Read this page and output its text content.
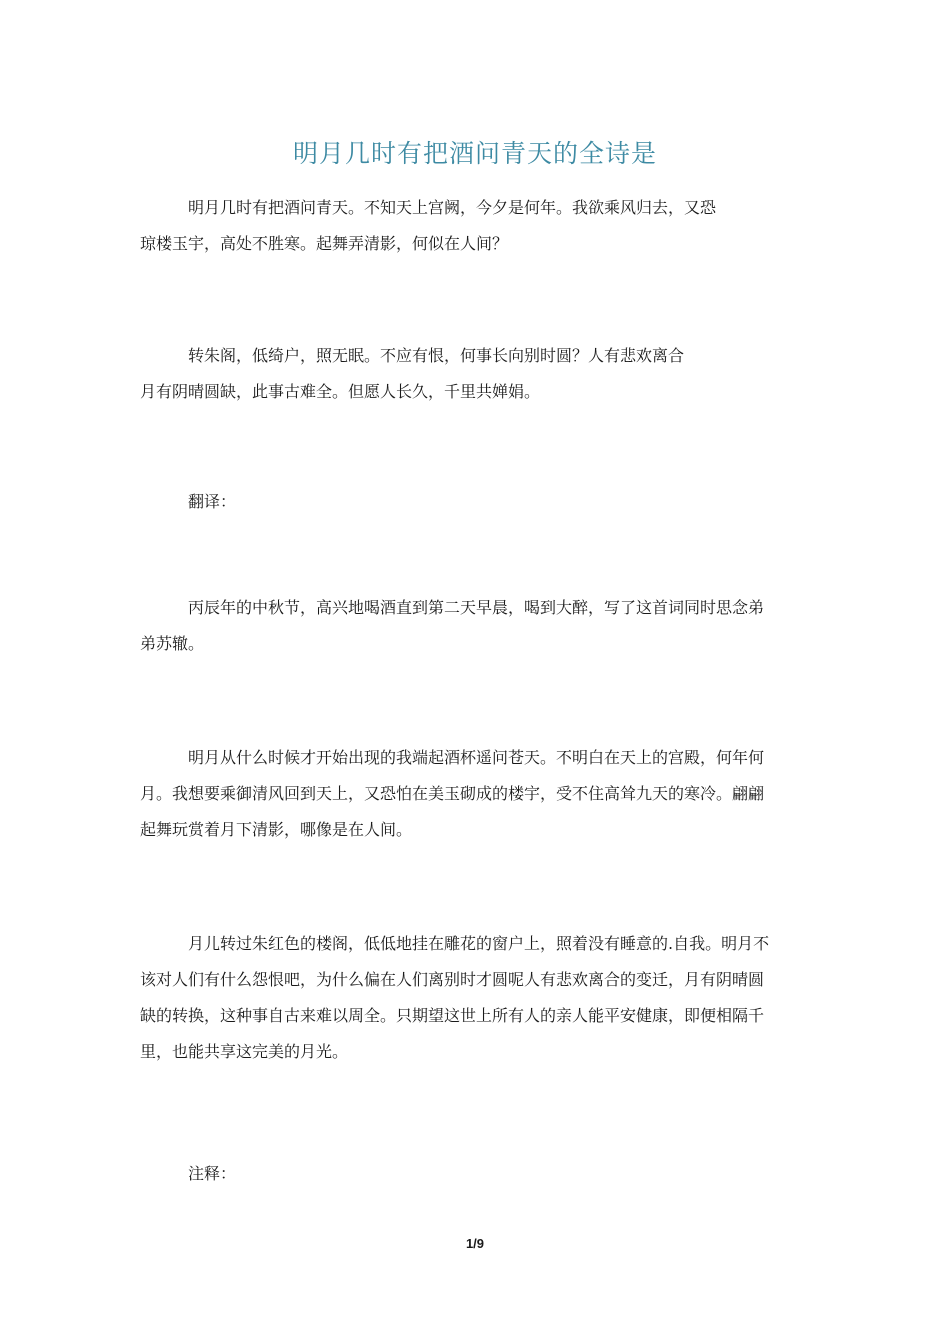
明月几时有把酒问青天的全诗是

明月几时有把酒问青天。不知天上宫阙，今夕是何年。我欲乘风归去，又恐
琼楼玉宇，高处不胜寒。起舞弄清影，何似在人间？

转朱阁，低绮户，照无眠。不应有恨，何事长向别时圆？人有悲欢离合
月有阴晴圆缺，此事古难全。但愿人长久，千里共婵娟。

翻译：

丙辰年的中秋节，高兴地喝酒直到第二天早晨，喝到大醉，写了这首词同时思念弟
弟苏辙。

明月从什么时候才开始出现的我端起酒杯遥问苍天。不明白在天上的宫殿，何年何
月。我想要乘御清风回到天上，又恐怕在美玉砌成的楼宇，受不住高耸九天的寒冷。翩翩
起舞玩赏着月下清影，哪像是在人间。

月儿转过朱红色的楼阁，低低地挂在雕花的窗户上，照着没有睡意的.自我。明月不
该对人们有什么怨恨吧，为什么偏在人们离别时才圆呢人有悲欢离合的变迁，月有阴晴圆
缺的转换，这种事自古来难以周全。只期望这世上所有人的亲人能平安健康，即便相隔千
里，也能共享这完美的月光。

注释：

1/9
